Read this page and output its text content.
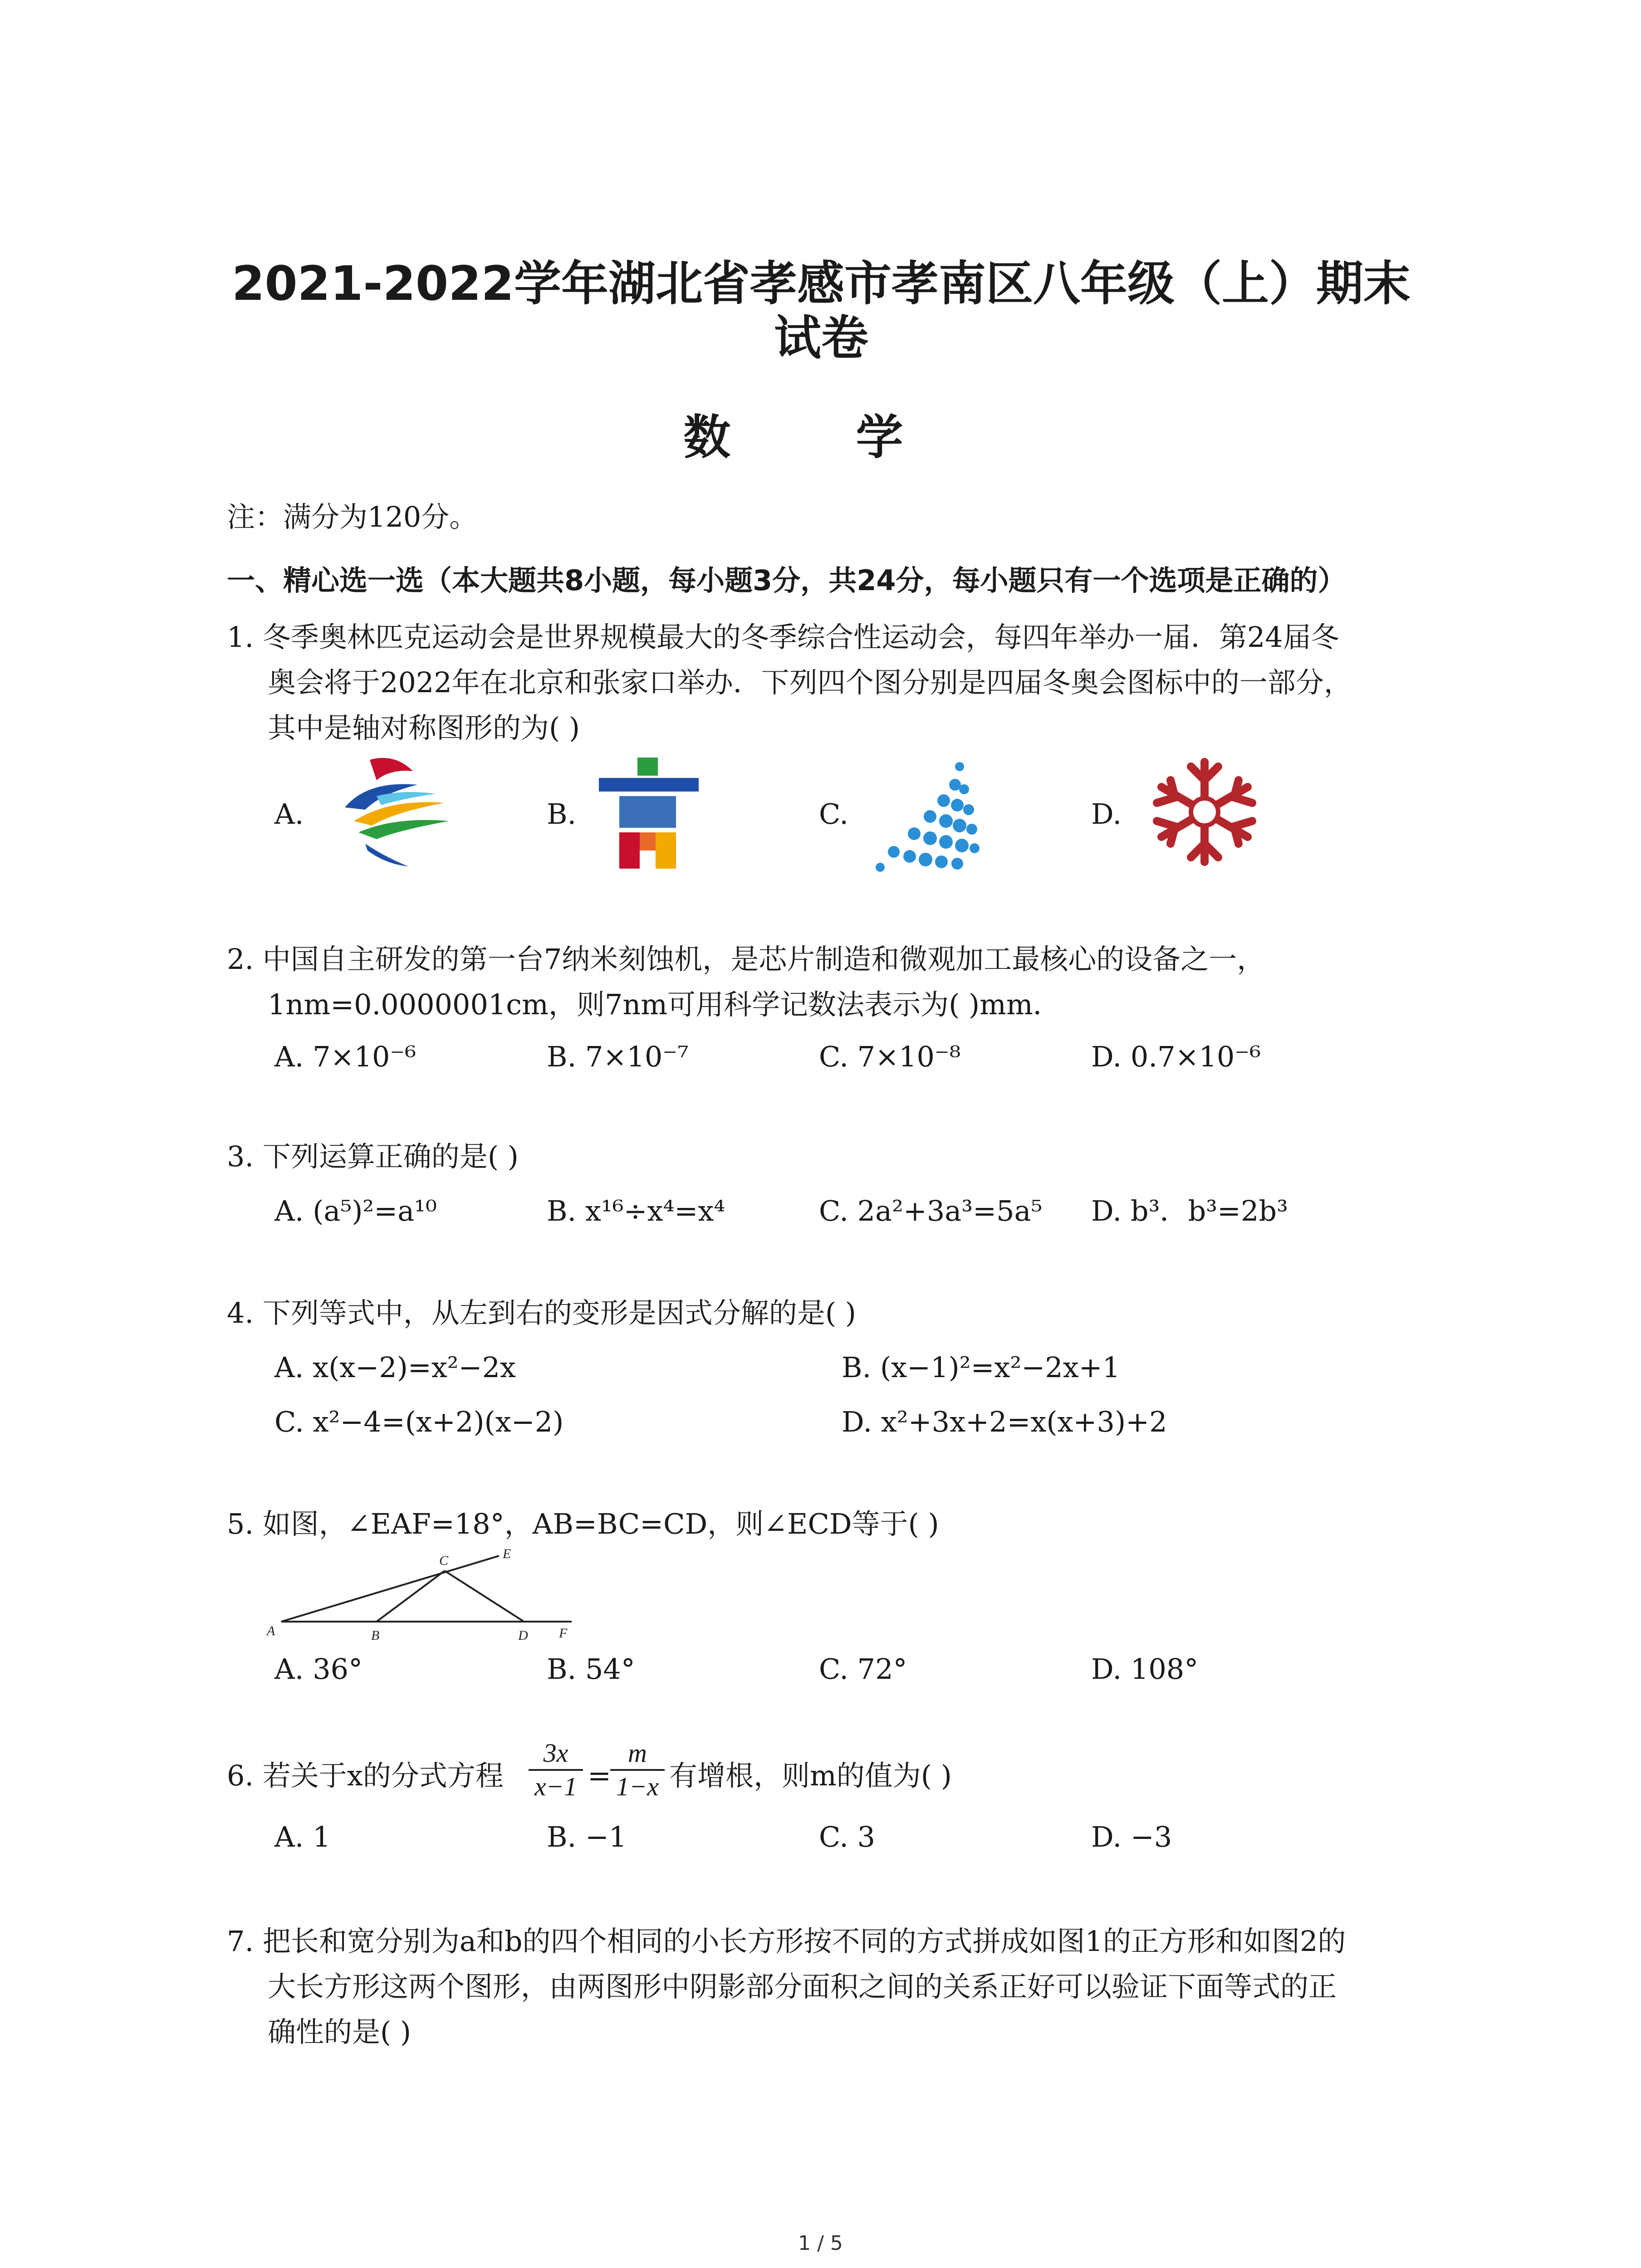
2021-2022学年湖北省孝感市孝南区八年级（上）期末
试卷
数 学
注：满分为120分。
一、精心选一选（本大题共8小题，每小题3分，共24分，每小题只有一个选项是正确的）
1. 冬季奥林匹克运动会是世界规模最大的冬季综合性运动会，每四年举办一届．第24届冬
奥会将于2022年在北京和张家口举办．下列四个图分别是四届冬奥会图标中的一部分，
其中是轴对称图形的为( )
A.	B.	C.	D.
2. 中国自主研发的第一台7纳米刻蚀机，是芯片制造和微观加工最核心的设备之一，
1nm=0.0000001cm，则7nm可用科学记数法表示为( )mm．
A. 7×10⁻⁶	B. 7×10⁻⁷	C. 7×10⁻⁸	D. 0.7×10⁻⁶
3. 下列运算正确的是( )
A. (a⁵)²=a¹⁰	B. x¹⁶÷x⁴=x⁴	C. 2a²+3a³=5a⁵ D. b³．b³=2b³
4. 下列等式中，从左到右的变形是因式分解的是( )
A. x(x−2)=x²−2x	B. (x−1)²=x²−2x+1
C. x²−4=(x+2)(x−2)	D. x²+3x+2=x(x+3)+2
5. 如图，∠EAF=18°，AB=BC=CD，则∠ECD等于( )
A	B
C
D
E
F
A. 36°	B. 54°	C. 72°	D. 108°
6. 若关于x的分式方程 $\frac{3x}{x-1}$ =
$\frac{m}{1-x}$ 有增根，则m的值为( )
A. 1	B. −1	C. 3	D. −3
7. 把长和宽分别为a和b的四个相同的小长方形按不同的方式拼成如图1的正方形和如图2的
大长方形这两个图形，由两图形中阴影部分面积之间的关系正好可以验证下面等式的正
确性的是( )
1 / 5
